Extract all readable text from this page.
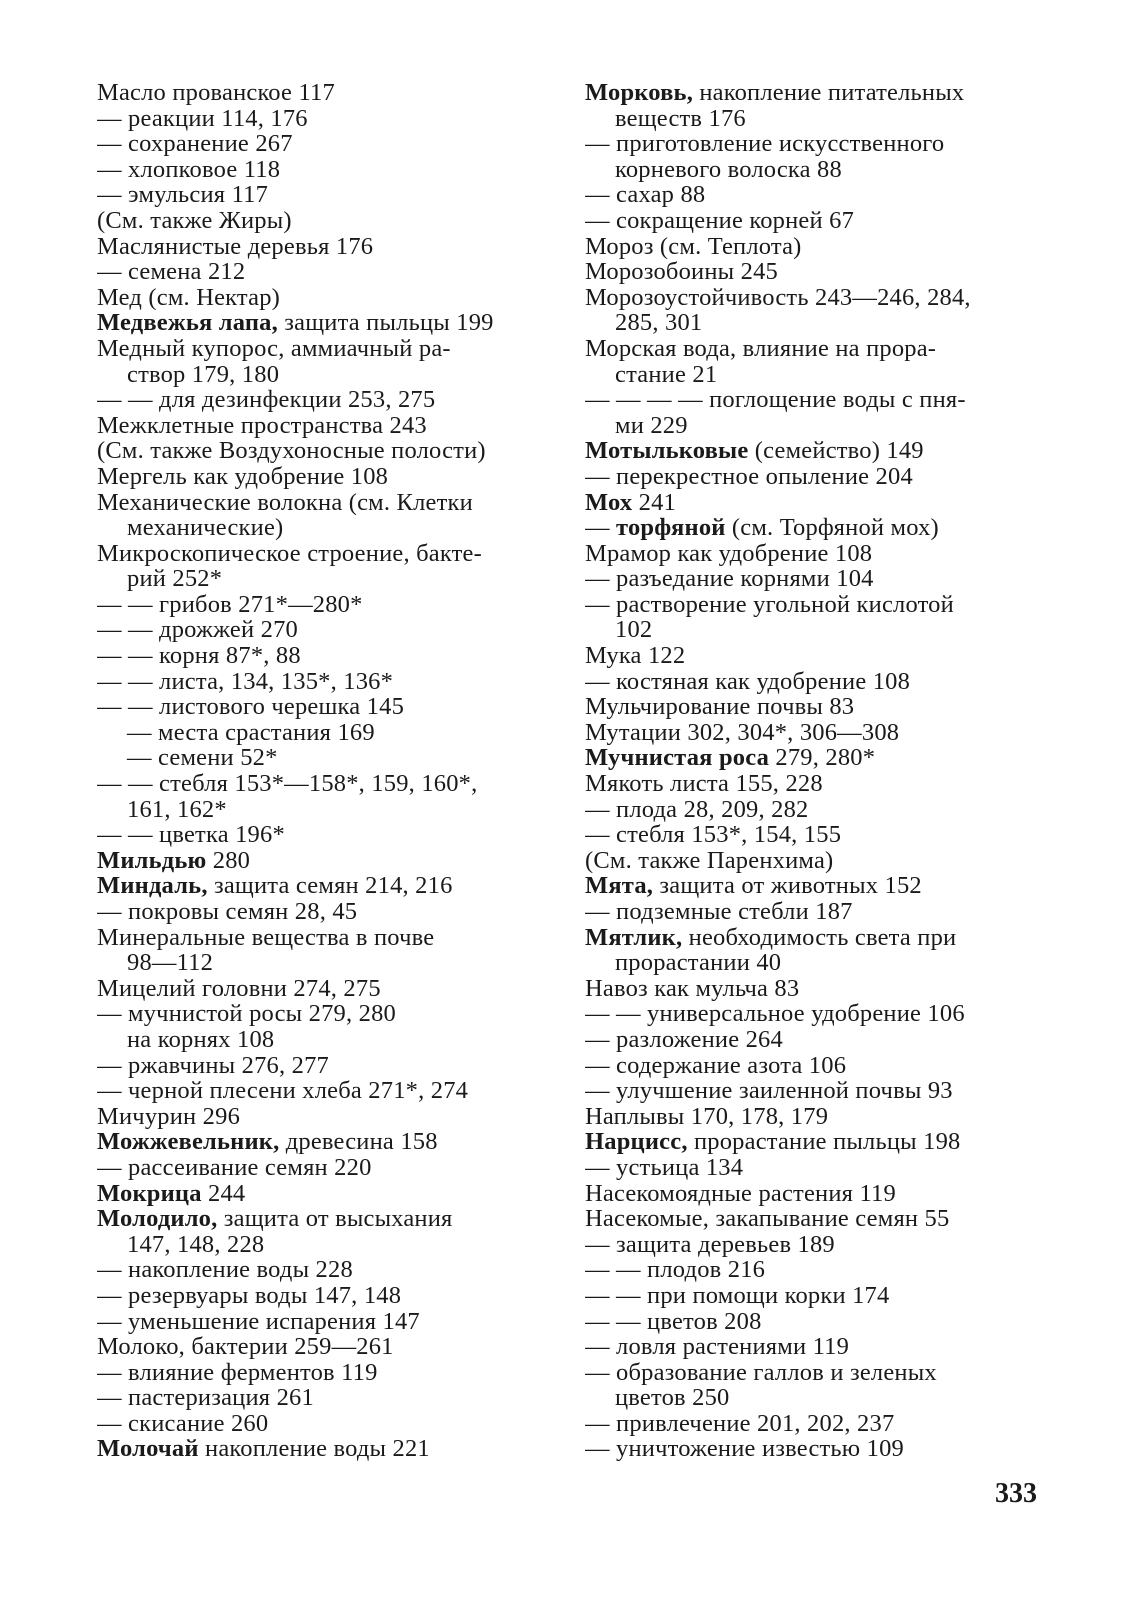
Масло прованское 117
— реакции 114, 176
— сохранение 267
— хлопковое 118
— эмульсия 117
(См. также Жиры)
Маслянистые деревья 176
— семена 212
Мед (см. Нектар)
Медвежья лапа, защита пыльцы 199
Медный купорос, аммиачный ра-
створ 179, 180
— — для дезинфекции 253, 275
Межклетные пространства 243
(См. также Воздухоносные полости)
Мергель как удобрение 108
Механические волокна (см. Клетки
механические)
Микроскопическое строение, бакте-
рий 252*
— — грибов 271*—280*
— — дрожжей 270
— — корня 87*, 88
— — листа, 134, 135*, 136*
— — листового черешка 145
— места срастания 169
— семени 52*
— — стебля 153*—158*, 159, 160*,
161, 162*
— — цветка 196*
Мильдью 280
Миндаль, защита семян 214, 216
— покровы семян 28, 45
Минеральные вещества в почве
98—112
Мицелий головни 274, 275
— мучнистой росы 279, 280
на корнях 108
— ржавчины 276, 277
— черной плесени хлеба 271*, 274
Мичурин 296
Можжевельник, древесина 158
— рассеивание семян 220
Мокрица 244
Молодило, защита от высыхания
147, 148, 228
— накопление воды 228
— резервуары воды 147, 148
— уменьшение испарения 147
Молоко, бактерии 259—261
— влияние ферментов 119
— пастеризация 261
— скисание 260
Молочай накопление воды 221
Морковь, накопление питательных
веществ 176
— приготовление искусственного
корневого волоска 88
— сахар 88
— сокращение корней 67
Мороз (см. Теплота)
Морозобоины 245
Морозоустойчивость 243—246, 284,
285, 301
Морская вода, влияние на прора-
стание 21
— — — — поглощение воды с пня-
ми 229
Мотыльковые (семейство) 149
— перекрестное опыление 204
Мох 241
— торфяной (см. Торфяной мох)
Мрамор как удобрение 108
— разъедание корнями 104
— растворение угольной кислотой
102
Мука 122
— костяная как удобрение 108
Мульчирование почвы 83
Мутации 302, 304*, 306—308
Мучнистая роса 279, 280*
Мякоть листа 155, 228
— плода 28, 209, 282
— стебля 153*, 154, 155
(См. также Паренхима)
Мята, защита от животных 152
— подземные стебли 187
Мятлик, необходимость света при
прорастании 40
Навоз как мульча 83
— — универсальное удобрение 106
— разложение 264
— содержание азота 106
— улучшение заиленной почвы 93
Наплывы 170, 178, 179
Нарцисс, прорастание пыльцы 198
— устьица 134
Насекомоядные растения 119
Насекомые, закапывание семян 55
— защита деревьев 189
— — плодов 216
— — при помощи корки 174
— — цветов 208
— ловля растениями 119
— образование галлов и зеленых
цветов 250
— привлечение 201, 202, 237
— уничтожение известью 109
333
